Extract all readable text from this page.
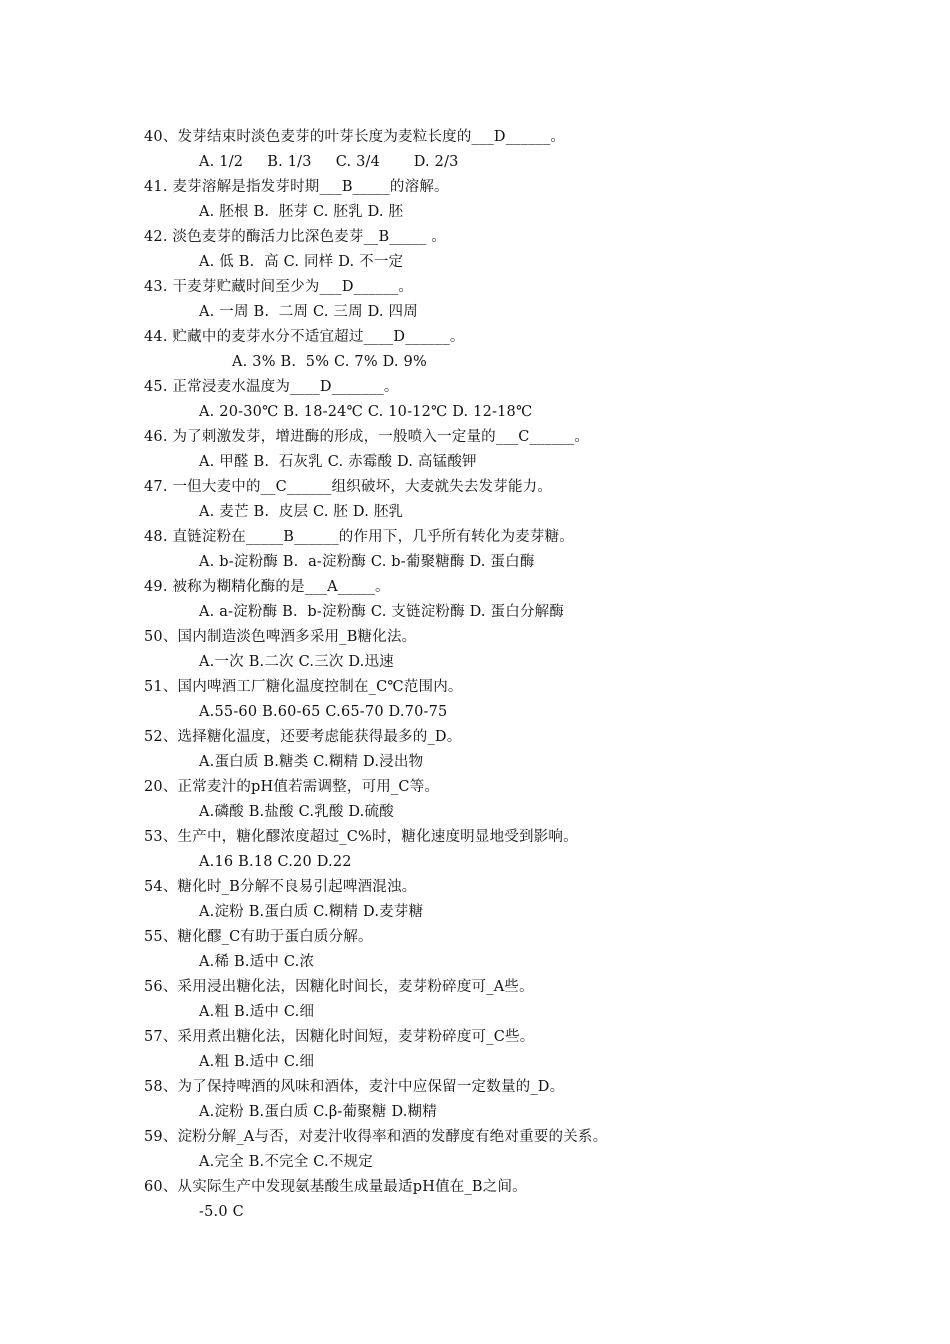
40、发芽结束时淡色麦芽的叶芽长度为麦粒长度的___D______。
A. 1/2     B. 1/3     C. 3/4       D. 2/3
41. 麦芽溶解是指发芽时期___B_____的溶解。
A. 胚根 B.  胚芽 C. 胚乳 D. 胚
42. 淡色麦芽的酶活力比深色麦芽__B_____ 。
A. 低 B.  高 C. 同样 D. 不一定
43. 干麦芽贮藏时间至少为___D______。
A. 一周 B.  二周 C. 三周 D. 四周
44. 贮藏中的麦芽水分不适宜超过____D______。
A. 3% B.  5% C. 7% D. 9%
45. 正常浸麦水温度为____D_______。
A. 20-30℃ B. 18-24℃ C. 10-12℃ D. 12-18℃
46. 为了刺激发芽，增进酶的形成，一般喷入一定量的___C______。
A. 甲醛 B.  石灰乳 C. 赤霉酸 D. 高锰酸钾
47. 一但大麦中的__C______组织破坏，大麦就失去发芽能力。
A. 麦芒 B.  皮层 C. 胚 D. 胚乳
48. 直链淀粉在_____B______的作用下，几乎所有转化为麦芽糖。
A. b-淀粉酶 B.  a-淀粉酶 C. b-葡聚糖酶 D. 蛋白酶
49. 被称为糊精化酶的是___A_____。
A. a-淀粉酶 B.  b-淀粉酶 C. 支链淀粉酶 D. 蛋白分解酶
50、国内制造淡色啤酒多采用_B糖化法。
A.一次 B.二次 C.三次 D.迅速
51、国内啤酒工厂糖化温度控制在_C℃范围内。
A.55-60 B.60-65 C.65-70 D.70-75
52、选择糖化温度，还要考虑能获得最多的_D。
A.蛋白质 B.糖类 C.糊精 D.浸出物
20、正常麦汁的pH值若需调整，可用_C等。
A.磷酸 B.盐酸 C.乳酸 D.硫酸
53、生产中，糖化醪浓度超过_C%时，糖化速度明显地受到影响。
A.16 B.18 C.20 D.22
54、糖化时_B分解不良易引起啤酒混浊。
A.淀粉 B.蛋白质 C.糊精 D.麦芽糖
55、糖化醪_C有助于蛋白质分解。
A.稀 B.适中 C.浓
56、采用浸出糖化法，因糖化时间长，麦芽粉碎度可_A些。
A.粗 B.适中 C.细
57、采用煮出糖化法，因糖化时间短，麦芽粉碎度可_C些。
A.粗 B.适中 C.细
58、为了保持啤酒的风味和酒体，麦汁中应保留一定数量的_D。
A.淀粉 B.蛋白质 C.β-葡聚糖 D.糊精
59、淀粉分解_A与否，对麦汁收得率和酒的发酵度有绝对重要的关系。
A.完全 B.不完全 C.不规定
60、从实际生产中发现氨基酸生成量最适pH值在_B之间。
-5.0 C
